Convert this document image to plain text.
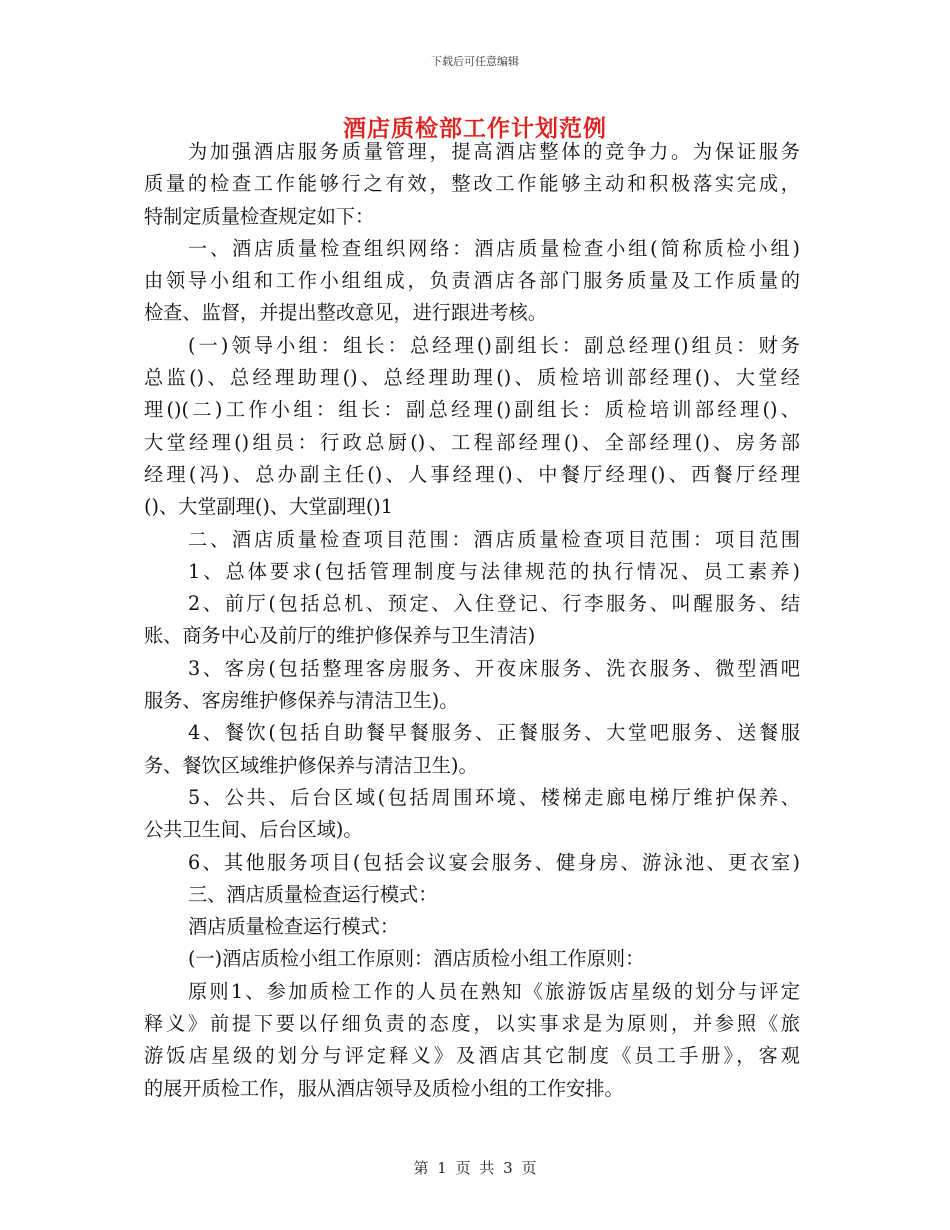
下载后可任意编辑
酒店质检部工作计划范例
为加强酒店服务质量管理，提高酒店整体的竞争力。为保证服务
质量的检查工作能够行之有效，整改工作能够主动和积极落实完成，
特制定质量检查规定如下：
一、酒店质量检查组织网络：酒店质量检查小组(简称质检小组)
由领导小组和工作小组组成，负责酒店各部门服务质量及工作质量的
检查、监督，并提出整改意见，进行跟进考核。
(一)领导小组：组长：总经理()副组长：副总经理()组员：财务
总监()、总经理助理()、总经理助理()、质检培训部经理()、大堂经
理()(二)工作小组：组长：副总经理()副组长：质检培训部经理()、
大堂经理()组员：行政总厨()、工程部经理()、全部经理()、房务部
经理(冯)、总办副主任()、人事经理()、中餐厅经理()、西餐厅经理
()、大堂副理()、大堂副理()1
二、酒店质量检查项目范围：酒店质量检查项目范围：项目范围
1、总体要求(包括管理制度与法律规范的执行情况、员工素养)
2、前厅(包括总机、预定、入住登记、行李服务、叫醒服务、结
账、商务中心及前厅的维护修保养与卫生清洁)
3、客房(包括整理客房服务、开夜床服务、洗衣服务、微型酒吧
服务、客房维护修保养与清洁卫生)。
4、餐饮(包括自助餐早餐服务、正餐服务、大堂吧服务、送餐服
务、餐饮区域维护修保养与清洁卫生)。
5、公共、后台区域(包括周围环境、楼梯走廊电梯厅维护保养、
公共卫生间、后台区域)。
6、其他服务项目(包括会议宴会服务、健身房、游泳池、更衣室)
三、酒店质量检查运行模式：
酒店质量检查运行模式：
(一)酒店质检小组工作原则：酒店质检小组工作原则：
原则1、参加质检工作的人员在熟知《旅游饭店星级的划分与评定
释义》前提下要以仔细负责的态度，以实事求是为原则，并参照《旅
游饭店星级的划分与评定释义》及酒店其它制度《员工手册》，客观
的展开质检工作，服从酒店领导及质检小组的工作安排。
第 1 页 共 3 页
